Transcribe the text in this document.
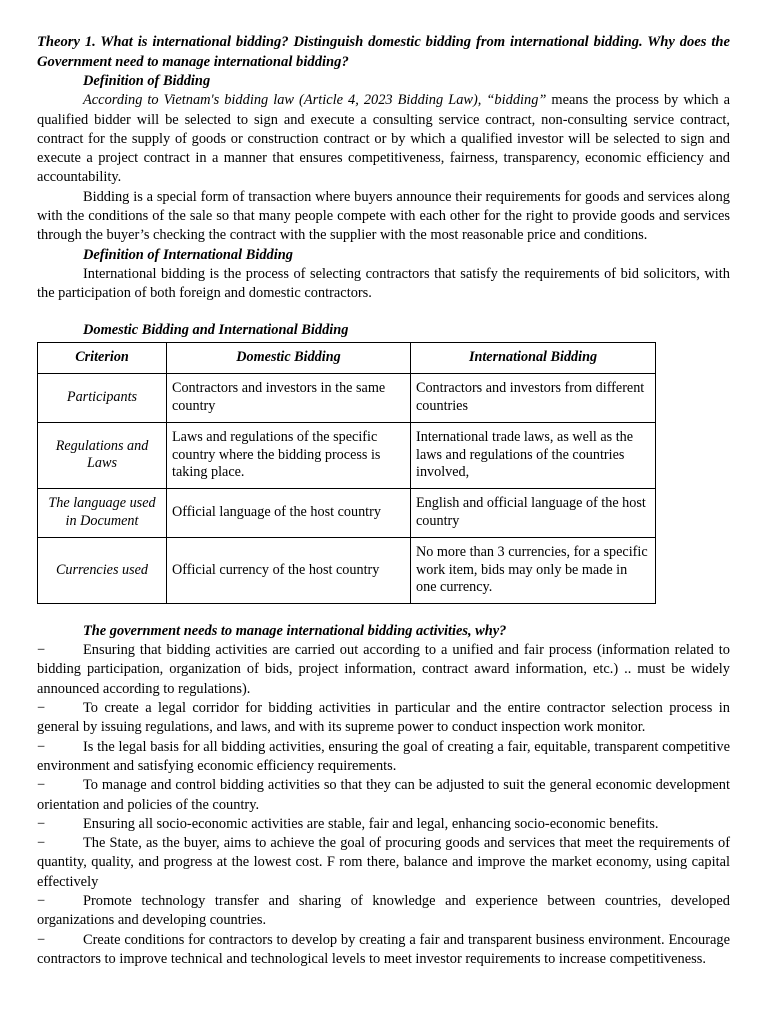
Theory 1. What is international bidding? Distinguish domestic bidding from international bidding. Why does the Government need to manage international bidding?

Definition of Bidding

According to Vietnam's bidding law (Article 4, 2023 Bidding Law), “bidding” means the process by which a qualified bidder will be selected to sign and execute a consulting service contract, non-consulting service contract, contract for the supply of goods or construction contract or by which a qualified investor will be selected to sign and execute a project contract in a manner that ensures competitiveness, fairness, transparency, economic efficiency and accountability.

Bidding is a special form of transaction where buyers announce their requirements for goods and services along with the conditions of the sale so that many people compete with each other for the right to provide goods and services through the buyer’s checking the contract with the supplier with the most reasonable price and conditions.

Definition of International Bidding

International bidding is the process of selecting contractors that satisfy the requirements of bid solicitors, with the participation of both foreign and domestic contractors.

Domestic Bidding and International Bidding

Criterion	Domestic Bidding	International Bidding
Participants	Contractors and investors in the same country	Contractors and investors from different countries
Regulations and Laws	Laws and regulations of the specific country where the bidding process is taking place.	International trade laws, as well as the laws and regulations of the countries involved,
The language used in Document	Official language of the host country	English and official language of the host country
Currencies used	Official currency of the host country	No more than 3 currencies, for a specific work item, bids may only be made in one currency.

The government needs to manage international bidding activities, why?

−	Ensuring that bidding activities are carried out according to a unified and fair process (information related to bidding participation, organization of bids, project information, contract award information, etc.) .. must be widely announced according to regulations).

−	To create a legal corridor for bidding activities in particular and the entire contractor selection process in general by issuing regulations, and laws, and with its supreme power to conduct inspection work monitor.

−	Is the legal basis for all bidding activities, ensuring the goal of creating a fair, equitable, transparent competitive environment and satisfying economic efficiency requirements.

−	To manage and control bidding activities so that they can be adjusted to suit the general economic development orientation and policies of the country.

−	Ensuring all socio-economic activities are stable, fair and legal, enhancing socio-economic benefits.

−	The State, as the buyer, aims to achieve the goal of procuring goods and services that meet the requirements of quantity, quality, and progress at the lowest cost. F rom there, balance and improve the market economy, using capital effectively

−	Promote technology transfer and sharing of knowledge and experience between countries, developed organizations and developing countries.

−	Create conditions for contractors to develop by creating a fair and transparent business environment. Encourage contractors to improve technical and technological levels to meet investor requirements to increase competitiveness.
